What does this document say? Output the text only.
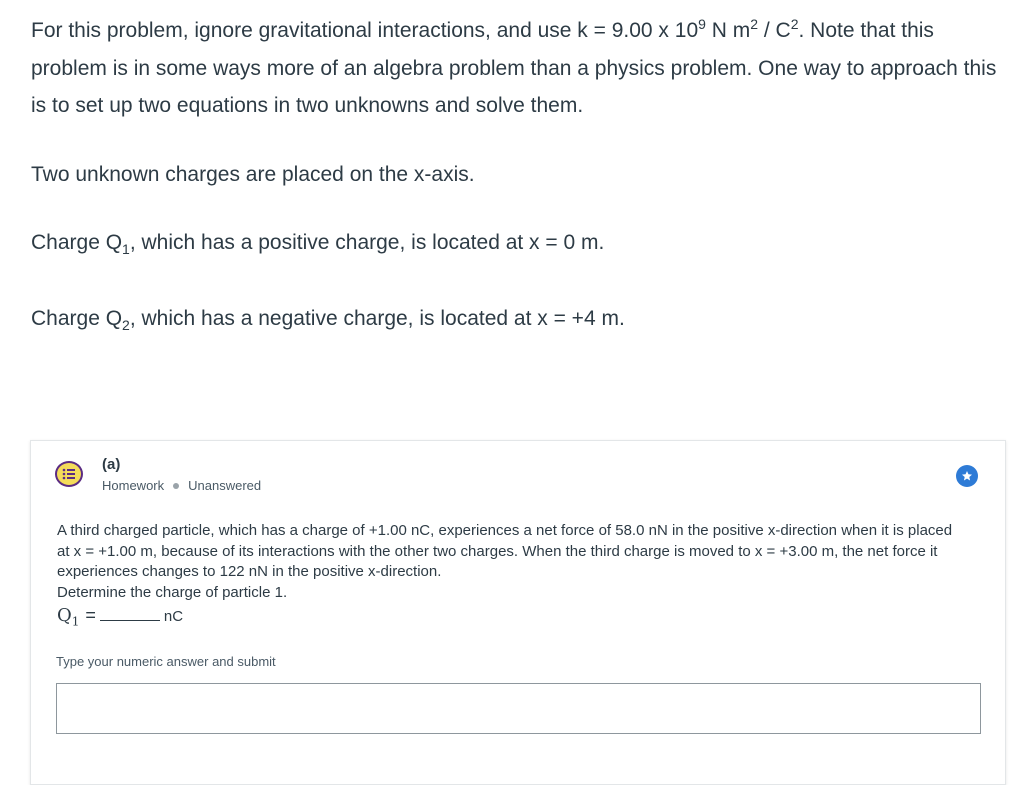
For this problem, ignore gravitational interactions, and use k = 9.00 x $10^9$ N $m^2 / C^2$. Note that this problem is in some ways more of an algebra problem than a physics problem. One way to approach this is to set up two equations in two unknowns and solve them.

Two unknown charges are placed on the x-axis.

Charge $Q_1$, which has a positive charge, is located at x = 0 m.

Charge $Q_2$, which has a negative charge, is located at x = +4 m.

(a)
Homework Unanswered
A third charged particle, which has a charge of +1.00 nC, experiences a net force of 58.0 nN in the positive x-direction when it is placed at x = +1.00 m, because of its interactions with the other two charges. When the third charge is moved to x = +3.00 m, the net force it experiences changes to 122 nN in the positive x-direction.
Determine the charge of particle 1.
$Q_1$ =	nC
Type your numeric answer and submit
